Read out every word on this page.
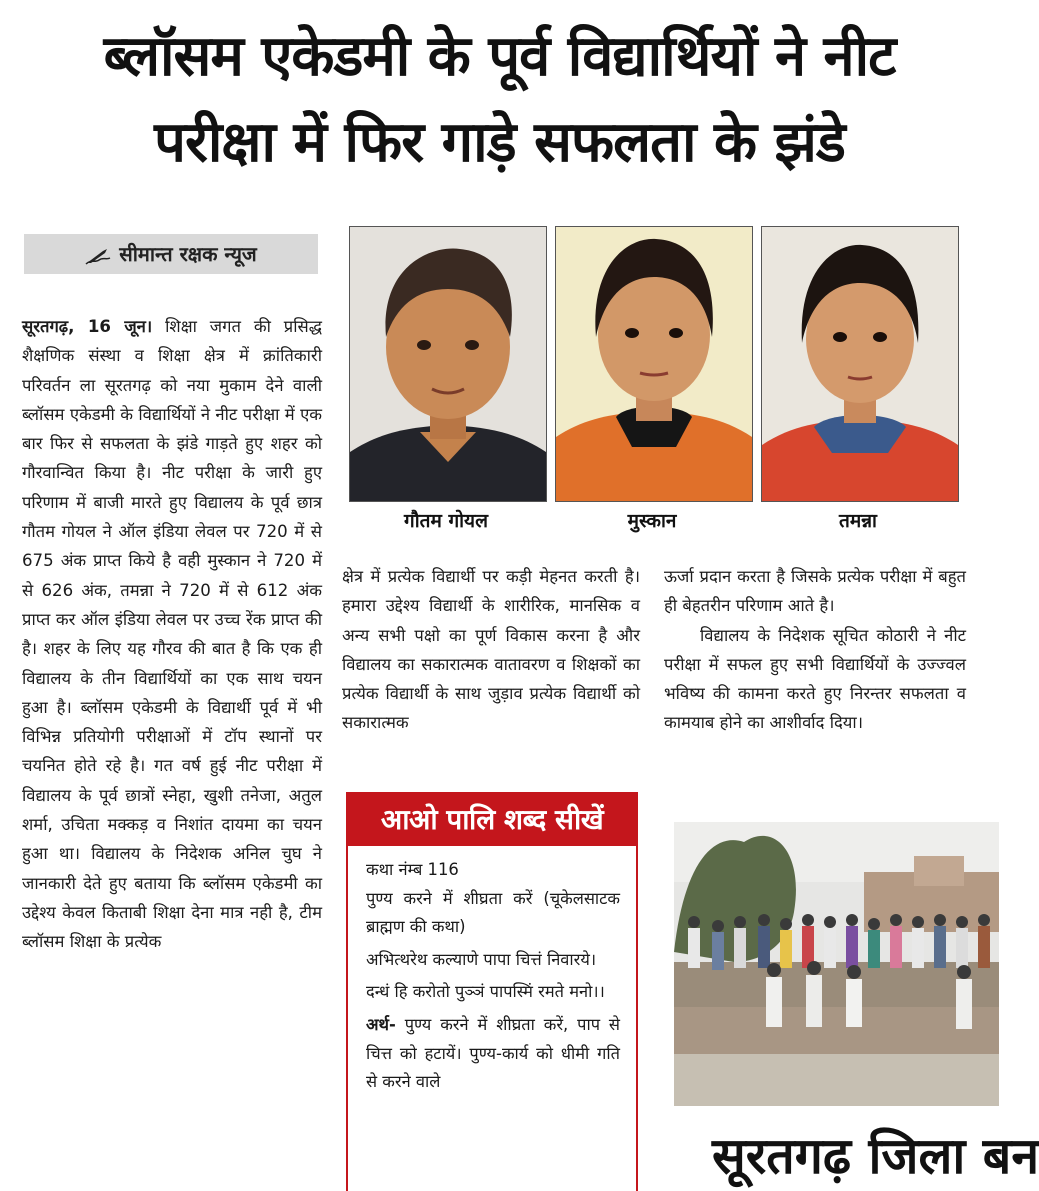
ब्लॉसम एकेडमी के पूर्व विद्यार्थियों ने नीट
परीक्षा में फिर गाड़े सफलता के झंडे
सीमान्त रक्षक न्यूज
सूरतगढ़, 16 जून। शिक्षा जगत की प्रसिद्ध शैक्षणिक संस्था व शिक्षा क्षेत्र में क्रांतिकारी परिवर्तन ला सूरतगढ़ को नया मुकाम देने वाली ब्लॉसम एकेडमी के विद्यार्थियों ने नीट परीक्षा में एक बार फिर से सफलता के झंडे गाड़ते हुए शहर को गौरवान्वित किया है। नीट परीक्षा के जारी हुए परिणाम में बाजी मारते हुए विद्यालय के पूर्व छात्र गौतम गोयल ने ऑल इंडिया लेवल पर 720 में से 675 अंक प्राप्त किये है वही मुस्कान ने 720 में से 626 अंक, तमन्ना ने 720 में से 612 अंक प्राप्त कर ऑल इंडिया लेवल पर उच्च रेंक प्राप्त की है। शहर के लिए यह गौरव की बात है कि एक ही विद्यालय के तीन विद्यार्थियों का एक साथ चयन हुआ है। ब्लॉसम एकेडमी के विद्यार्थी पूर्व में भी विभिन्न प्रतियोगी परीक्षाओं में टॉप स्थानों पर चयनित होते रहे है। गत वर्ष हुई नीट परीक्षा में विद्यालय के पूर्व छात्रों स्नेहा, खुशी तनेजा, अतुल शर्मा, उचिता मक्कड़ व निशांत दायमा का चयन हुआ था। विद्यालय के निदेशक अनिल चुघ ने जानकारी देते हुए बताया कि ब्लॉसम एकेडमी का उद्देश्य केवल किताबी शिक्षा देना मात्र नही है, टीम ब्लॉसम शिक्षा के प्रत्येक
गौतम गोयल	मुस्कान	तमन्ना
क्षेत्र में प्रत्येक विद्यार्थी पर कड़ी मेहनत करती है। हमारा उद्देश्य विद्यार्थी के शारीरिक, मानसिक व अन्य सभी पक्षो का पूर्ण विकास करना है और विद्यालय का सकारात्मक वातावरण व शिक्षकों का प्रत्येक विद्यार्थी के साथ जुड़ाव प्रत्येक विद्यार्थी को सकारात्मक

ऊर्जा प्रदान करता है जिसके प्रत्येक परीक्षा में बहुत ही बेहतरीन परिणाम आते है।

विद्यालय के निदेशक सूचित कोठारी ने नीट परीक्षा में सफल हुए सभी विद्यार्थियों के उज्ज्वल भविष्य की कामना करते हुए निरन्तर सफलता व कामयाब होने का आशीर्वाद दिया।

आओ पालि शब्द सीखें
कथा नंम्ब 116
पुण्य करने में शीघ्रता करें (चूकेलसाटक ब्राह्मण की कथा)
अभित्थरेथ कल्याणे पापा चित्तं निवारये।
दन्धं हि करोतो पुञ्ञं पापस्मिं रमते मनो।।
अर्थ- पुण्य करने में शीघ्रता करें, पाप से चित्त को हटायें। पुण्य-कार्य को धीमी गति से करने वाले
सूरतगढ़ जिला बन
